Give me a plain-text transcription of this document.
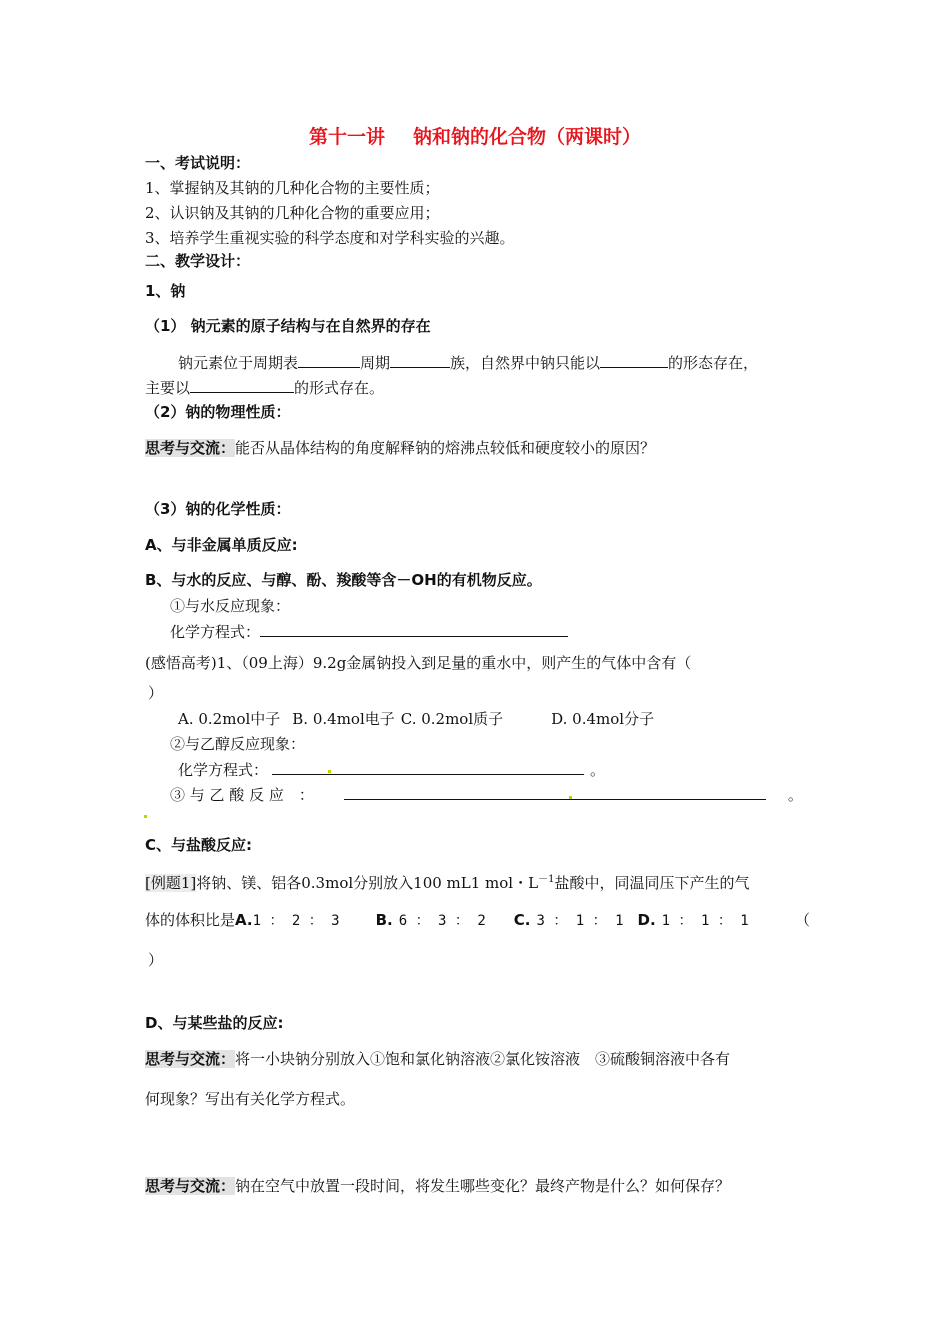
第十一讲 钠和钠的化合物（两课时）
一、考试说明：
1、掌握钠及其钠的几种化合物的主要性质；
2、认识钠及其钠的几种化合物的重要应用；
3、培养学生重视实验的科学态度和对学科实验的兴趣。
二、教学设计：
1、钠
（1） 钠元素的原子结构与在自然界的存在
钠元素位于周期表	周期	族，自然界中钠只能以	的形态存在，
主要以	的形式存在。
（2）钠的物理性质：
思考与交流：能否从晶体结构的角度解释钠的熔沸点较低和硬度较小的原因？
（3）钠的化学性质：
A、与非金属单质反应:
B、与水的反应、与醇、酚、羧酸等含－OH的有机物反应。
①与水反应现象：
化学方程式：
(感悟高考)1、（09上海）9.2g金属钠投入到足量的重水中，则产生的气体中含有（
）
A. 0.2mol中子 B. 0.4mol电子 C. 0.2mol质子	D. 0.4mol分子
②与乙醇反应现象：
化学方程式：	。
③ 与 乙 酸 反 应　：	。
C、与盐酸反应:
[例题1]将钠、镁、铝各0.3mol分别放入100 mL1 mol・$L^{-1}$盐酸中，同温同压下产生的气
体的体积比是A.1 ： 2 ： 3 B. 6 ： 3 ： 2 C. 3 ： 1 ： 1 D. 1 ： 1 ： 1	（
）
D、与某些盐的反应:
思考与交流：将一小块钠分别放入①饱和氯化钠溶液②氯化铵溶液　③硫酸铜溶液中各有
何现象？写出有关化学方程式。
思考与交流：钠在空气中放置一段时间，将发生哪些变化？最终产物是什么？如何保存？
